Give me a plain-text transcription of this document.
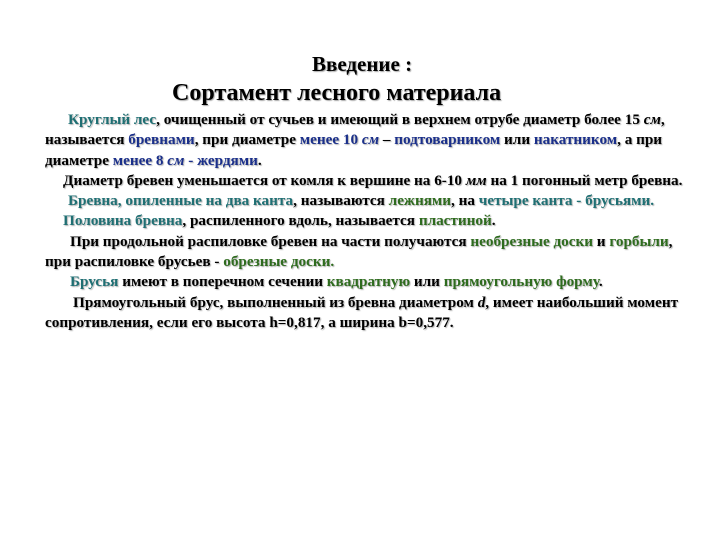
Введение :
Сортамент лесного материала

Круглый лес, очищенный от сучьев и имеющий в верхнем отрубе диаметр более 15 см, называется бревнами, при диаметре менее 10 см – подтоварником или накатником, а при диаметре менее 8 см - жердями.

Диаметр бревен уменьшается от комля к вершине на 6-10 мм на 1 погонный метр бревна.

Бревна, опиленные на два канта, называются лежнями, на четыре канта - брусьями.

Половина бревна, распиленного вдоль, называется пластиной.

При продольной распиловке бревен на части получаются необрезные доски и горбыли, при распиловке брусьев - обрезные доски.

Брусья имеют в поперечном сечении квадратную или прямоугольную форму.

Прямоугольный брус, выполненный из бревна диаметром d, имеет наибольший момент сопротивления, если его высота h=0,817, а ширина b=0,577.
